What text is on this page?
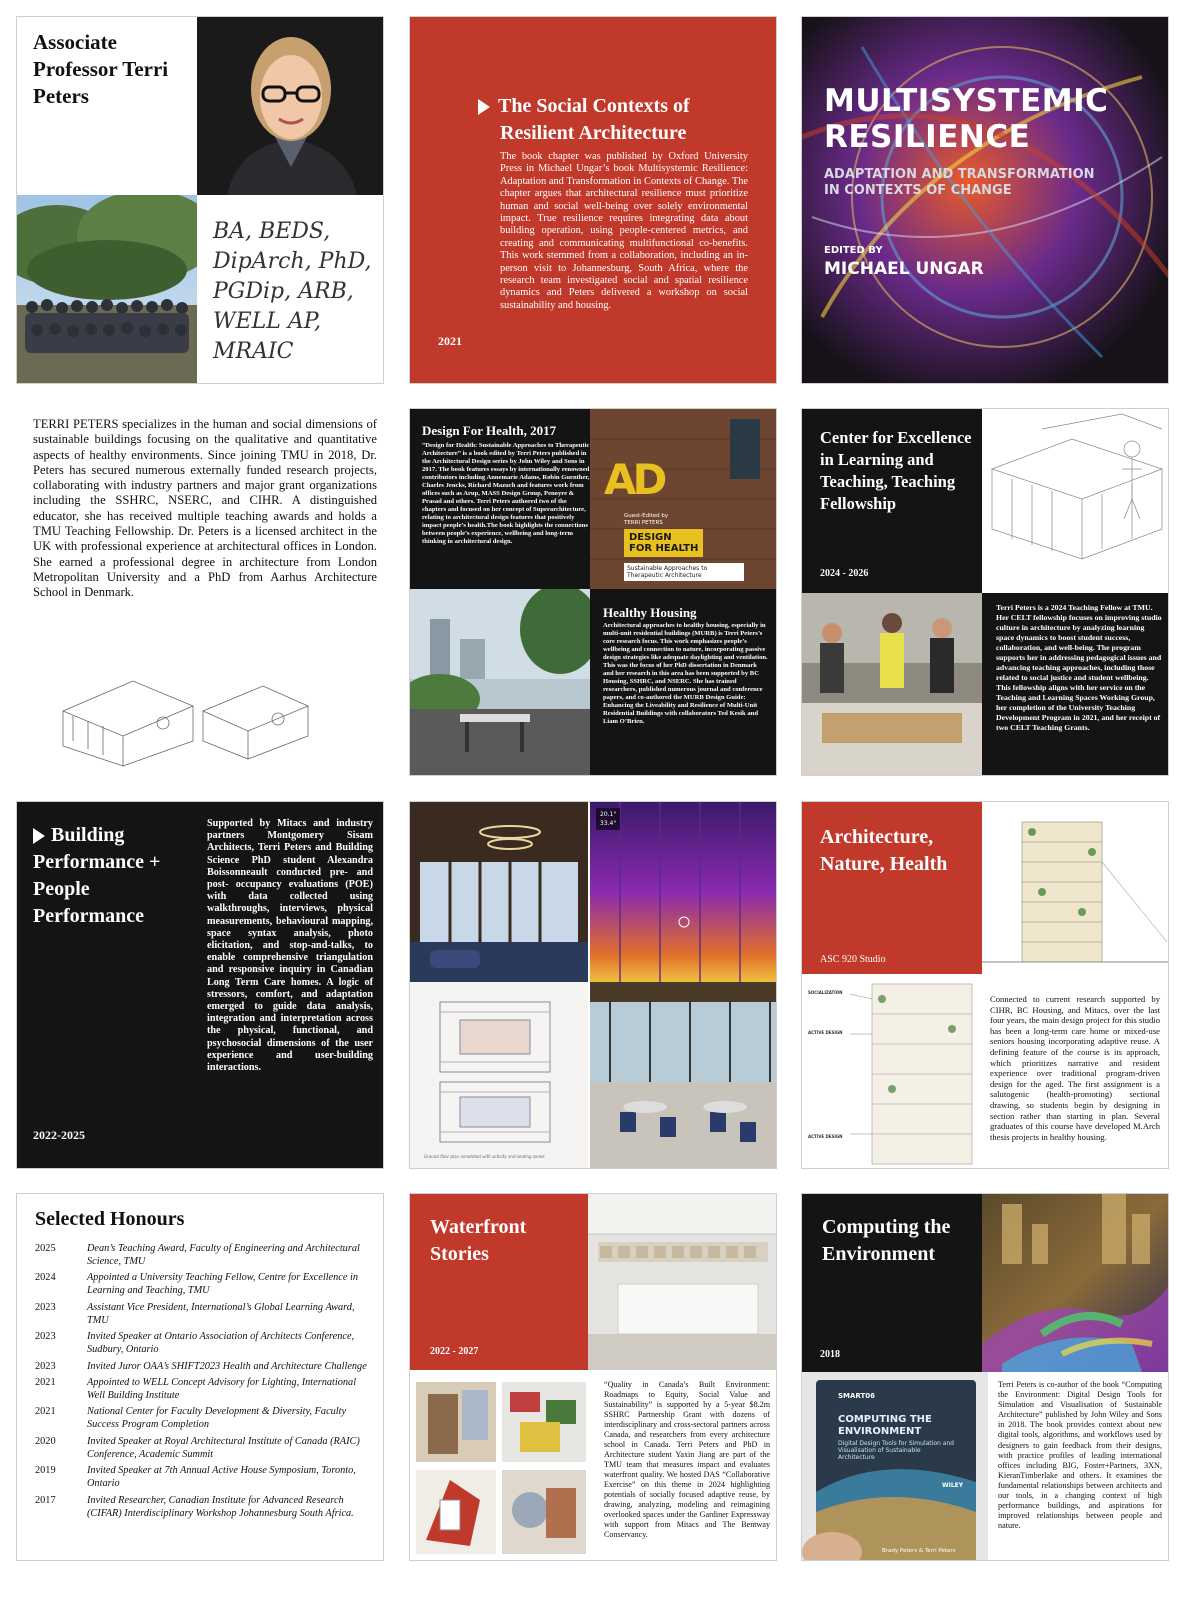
Associate Professor Terri Peters
BA, BEDS, DipArch, PhD, PGDip, ARB, WELL AP, MRAIC
The Social Contexts of Resilient Architecture
The book chapter was published by Oxford University Press in Michael Ungar’s book Multisystemic Resilience: Adaptation and Transformation in Contexts of Change. The chapter argues that architectural resilience must prioritize human and social well-being over solely environmental impact. True resilience requires integrating data about building operation, using people-centered metrics, and creating and communicating multifunctional co-benefits. This work stemmed from a collaboration, including an in-person visit to Johannesburg, South Africa, where the research team investigated social and spatial resilience dynamics and Peters delivered a workshop on social sustainability and housing.
2021
MULTISYSTEMIC
RESILIENCE
ADAPTATION AND TRANSFORMATION IN CONTEXTS OF CHANGE
EDITED BY
MICHAEL UNGAR
TERRI PETERS specializes in the human and social dimensions of sustainable buildings focusing on the qualitative and quantitative aspects of healthy environments. Since joining TMU in 2018, Dr. Peters has secured numerous externally funded research projects, collaborating with industry partners and major grant organizations including the SSHRC, NSERC, and CIHR. A distinguished educator, she has received multiple teaching awards and holds a TMU Teaching Fellowship. Dr. Peters is a licensed architect in the UK with professional experience at architectural offices in London. She earned a professional degree in architecture from London Metropolitan University and a PhD from Aarhus Architecture School in Denmark.
Design For Health, 2017
“Design for Health: Sustainable Approaches to Therapeutic Architecture” is a book edited by Terri Peters published in the Architectural Design series by John Wiley and Sons in 2017. The book features essays by internationally renowned contributors including Annemarie Adams, Robin Guenther, Charles Jencks, Richard Mazuch and features work from offices such as Arup, MASS Design Group, Penoyre & Prasad and others. Terri Peters authored two of the chapters and focused on her concept of Superarchitecture, relating to architectural design features that positively impact people’s health.The book highlights the connections between people’s experience, wellbeing and long-term thinking in architectural design.
AD
Guest-Edited by
TERRI PETERS
DESIGN
FOR HEALTH
Sustainable Approaches to Therapeutic Architecture
Healthy Housing
Architectural approaches to healthy housing, especially in multi-unit residential buildings (MURB) is Terri Peters’s core research focus. This work emphasizes people’s wellbeing and connection to nature, incorporating passive design strategies like adequate daylighting and ventilation. This was the focus of her PhD dissertation in Denmark and her research in this area has been supported by BC Housing, SSHRC, and NSERC. She has trained researchers, published numerous journal and conference papers, and co-authored the MURB Design Guide: Enhancing the Liveability and Resilience of Multi-Unit Residential Buildings with collaborators Ted Kesik and Liam O’Brien.
Center for Excellence in Learning and Teaching, Teaching Fellowship
2024 - 2026
Terri Peters is a 2024 Teaching Fellow at TMU. Her CELT fellowship focuses on improving studio culture in architecture by analyzing learning space dynamics to boost student success, collaboration, and well-being. The program supports her in addressing pedagogical issues and advancing teaching approaches, including those related to social justice and student wellbeing. This fellowship aligns with her service on the Teaching and Learning Spaces Working Group, her completion of the University Teaching Development Program in 2021, and her receipt of two CELT Teaching Grants.
Building Performance + People Performance
2022-2025
Supported by Mitacs and industry partners Montgomery Sisam Architects, Terri Peters and Building Science PhD student Alexandra Boissonneault conducted pre- and post- occupancy evaluations (POE) with data collected using walkthroughs, interviews, physical measurements, behavioural mapping, space syntax analysis, photo elicitation, and stop-and-talks, to enable comprehensive triangulation and responsive inquiry in Canadian Long Term Care homes. A logic of stressors, comfort, and adaptation emerged to guide data analysis, integration and interpretation across the physical, functional, and psychosocial dimensions of the user experience and user-building interactions.
20.1°
33.4°
Ground floor plan annotated with activity and seating zones.
Architecture, Nature, Health
ASC 920 Studio
SOCIALIZATION
ACTIVE DESIGN
ACTIVE DESIGN
Connected to current research supported by CIHR, BC Housing, and Mitacs, over the last four years, the main design project for this studio has been a long-term care home or mixed-use seniors housing incorporating adaptive reuse. A defining feature of the course is its approach, which prioritizes narrative and resident experience over traditional program-driven design for the aged. The first assignment is a salutogenic (health-promoting) sectional drawing, so students begin by designing in section rather than starting in plan. Several graduates of this course have developed M.Arch thesis projects in healthy housing.
Selected Honours
2025	Dean’s Teaching Award, Faculty of Engineering and Architectural Science, TMU
2024	Appointed a University Teaching Fellow, Centre for Excellence in Learning and Teaching, TMU
2023	Assistant Vice President, International’s Global Learning Award, TMU
2023	Invited Speaker at Ontario Association of Architects Conference, Sudbury, Ontario
2023	Invited Juror OAA’s SHIFT2023 Health and Architecture Challenge
2021	Appointed to WELL Concept Advisory for Lighting, International Well Building Institute
2021	National Center for Faculty Development & Diversity, Faculty Success Program Completion
2020	Invited Speaker at Royal Architectural Institute of Canada (RAIC) Conference, Academic Summit
2019	Invited Speaker at 7th Annual Active House Symposium, Toronto, Ontario
2017	Invited Researcher, Canadian Institute for Advanced Research (CIFAR) Interdisciplinary Workshop Johannesburg South Africa.
Waterfront Stories
2022 - 2027
“Quality in Canada’s Built Environment: Roadmaps to Equity, Social Value and Sustainability” is supported by a 5-year $8.2m SSHRC Partnership Grant with dozens of interdisciplinary and cross-sectoral partners across Canada, and researchers from every architecture school in Canada. Terri Peters and PhD in Architecture student Yaxin Jiang are part of the TMU team that measures impact and evaluates waterfront quality. We hosted DAS “Collaborative Exercise” on this theme in 2024 highlighting potentials of socially focused adaptive reuse, by drawing, analyzing, modeling and reimagining overlooked spaces under the Gardiner Expressway with support from Mitacs and The Bentway Conservancy.
Computing the Environment
2018
SMART06
COMPUTING THE
ENVIRONMENT
Digital Design Tools for Simulation and Visualisation of Sustainable Architecture
Brady Peters & Terri Peters
WILEY
Terri Peters is co-author of the book “Computing the Environment: Digital Design Tools for Simulation and Visualisation of Sustainable Architecture” published by John Wiley and Sons in 2018. The book provides context about new digital tools, algorithms, and workflows used by designers to gain feedback from their designs, with practice profiles of leading international offices including BIG, Foster+Partners, 3XN, KieranTimberlake and others. It examines the fundamental relationships between architects and our tools, in a changing context of high performance buildings, and aspirations for improved relationships between people and nature.
